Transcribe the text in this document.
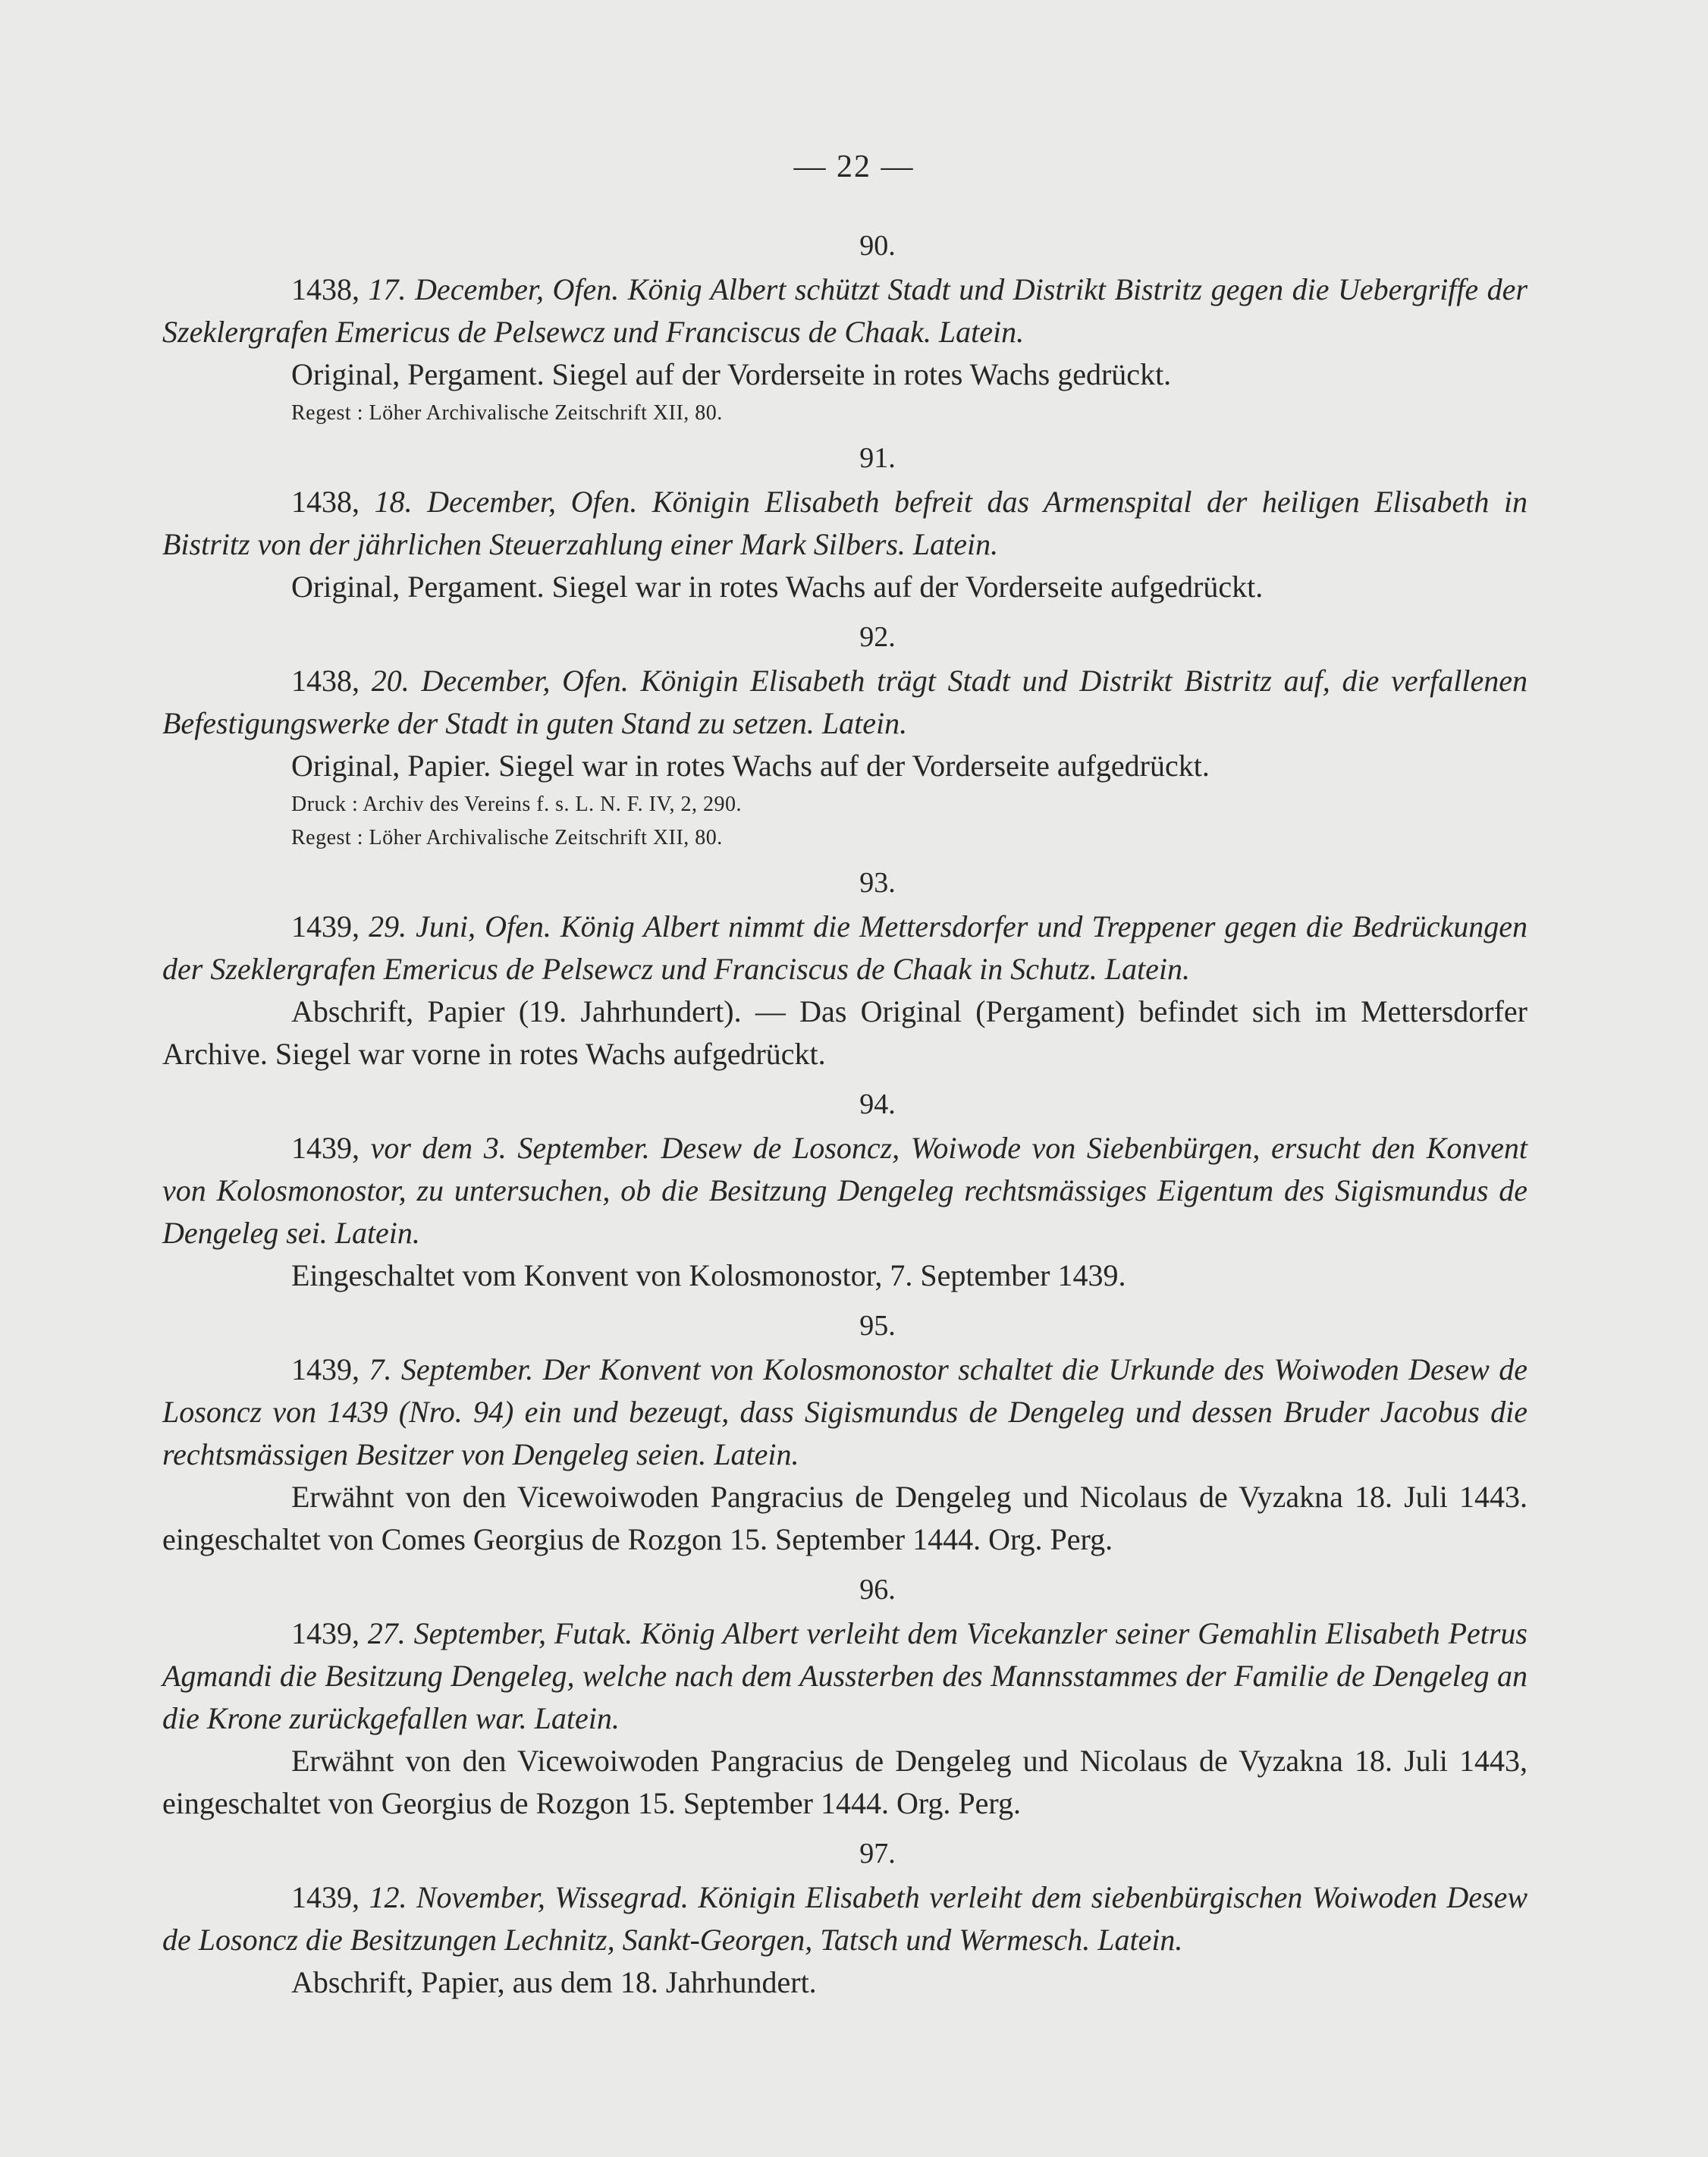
— 22 —
90.

1438, 17. December, Ofen. König Albert schützt Stadt und Distrikt Bistritz gegen die Uebergriffe der Szeklergrafen Emericus de Pelsewcz und Franciscus de Chaak. Latein.

Original, Pergament. Siegel auf der Vorderseite in rotes Wachs gedrückt.

Regest : Löher Archivalische Zeitschrift XII, 80.
91.

1438, 18. December, Ofen. Königin Elisabeth befreit das Armenspital der heiligen Elisabeth in Bistritz von der jährlichen Steuerzahlung einer Mark Silbers. Latein.

Original, Pergament. Siegel war in rotes Wachs auf der Vorderseite aufgedrückt.

92.

1438, 20. December, Ofen. Königin Elisabeth trägt Stadt und Distrikt Bistritz auf, die verfallenen Befestigungswerke der Stadt in guten Stand zu setzen. Latein.

Original, Papier. Siegel war in rotes Wachs auf der Vorderseite aufgedrückt.

Druck : Archiv des Vereins f. s. L. N. F. IV, 2, 290.
Regest : Löher Archivalische Zeitschrift XII, 80.
93.

1439, 29. Juni, Ofen. König Albert nimmt die Mettersdorfer und Treppener gegen die Bedrückungen der Szeklergrafen Emericus de Pelsewcz und Franciscus de Chaak in Schutz. Latein.

Abschrift, Papier (19. Jahrhundert). — Das Original (Pergament) befindet sich im Mettersdorfer Archive. Siegel war vorne in rotes Wachs aufgedrückt.

94.

1439, vor dem 3. September. Desew de Losoncz, Woiwode von Siebenbürgen, ersucht den Konvent von Kolosmonostor, zu untersuchen, ob die Besitzung Dengeleg rechtsmässiges Eigentum des Sigismundus de Dengeleg sei. Latein.

Eingeschaltet vom Konvent von Kolosmonostor, 7. September 1439.

95.

1439, 7. September. Der Konvent von Kolosmonostor schaltet die Urkunde des Woiwoden Desew de Losoncz von 1439 (Nro. 94) ein und bezeugt, dass Sigismundus de Dengeleg und dessen Bruder Jacobus die rechtsmässigen Besitzer von Dengeleg seien. Latein.

Erwähnt von den Vicewoiwoden Pangracius de Dengeleg und Nicolaus de Vyzakna 18. Juli 1443. eingeschaltet von Comes Georgius de Rozgon 15. September 1444. Org. Perg.

96.

1439, 27. September, Futak. König Albert verleiht dem Vicekanzler seiner Gemahlin Elisabeth Petrus Agmandi die Besitzung Dengeleg, welche nach dem Aussterben des Mannsstammes der Familie de Dengeleg an die Krone zurückgefallen war. Latein.

Erwähnt von den Vicewoiwoden Pangracius de Dengeleg und Nicolaus de Vyzakna 18. Juli 1443, eingeschaltet von Georgius de Rozgon 15. September 1444. Org. Perg.

97.

1439, 12. November, Wissegrad. Königin Elisabeth verleiht dem siebenbürgischen Woiwoden Desew de Losoncz die Besitzungen Lechnitz, Sankt-Georgen, Tatsch und Wermesch. Latein.

Abschrift, Papier, aus dem 18. Jahrhundert.
